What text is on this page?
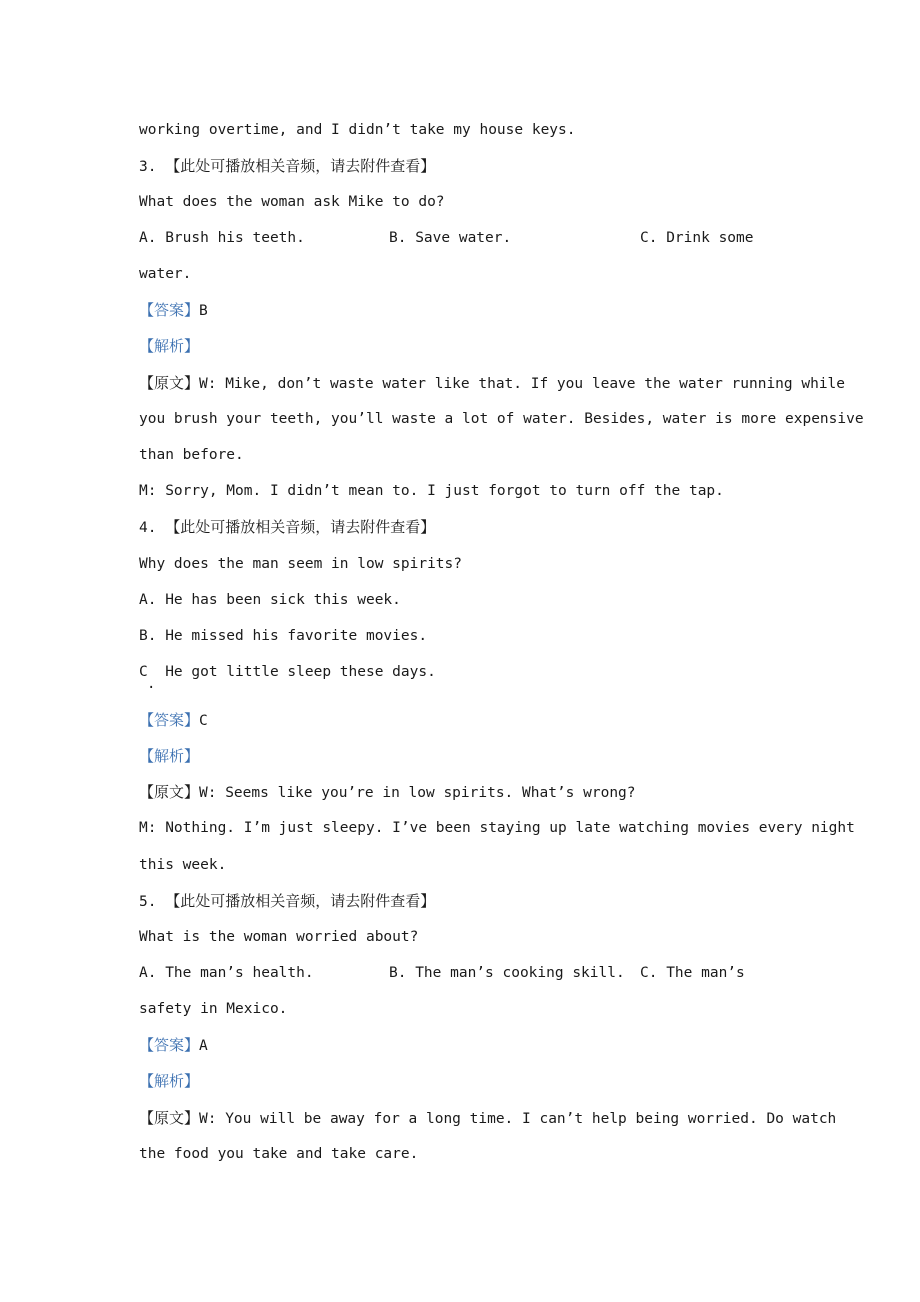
working overtime, and I didn’t take my house keys.

3. 【此处可播放相关音频，请去附件查看】

What does the woman ask Mike to do?

A. Brush his teeth.	B. Save water.	C. Drink some

water.

【答案】B

【解析】

【原文】W: Mike, don’t waste water like that. If you leave the water running while

you brush your teeth, you’ll waste a lot of water. Besides, water is more expensive

than before.

M: Sorry, Mom. I didn’t mean to. I just forgot to turn off the tap.

4. 【此处可播放相关音频，请去附件查看】

Why does the man seem in low spirits?

A. He has been sick this week.

B. He missed his favorite movies.

C  He got little sleep these days.

·

【答案】C

【解析】

【原文】W: Seems like you’re in low spirits. What’s wrong?

M: Nothing. I’m just sleepy. I’ve been staying up late watching movies every night

this week.

5. 【此处可播放相关音频，请去附件查看】

What is the woman worried about?

A. The man’s health.	B. The man’s cooking skill. C. The man’s

safety in Mexico.

【答案】A

【解析】

【原文】W: You will be away for a long time. I can’t help being worried. Do watch

the food you take and take care.
